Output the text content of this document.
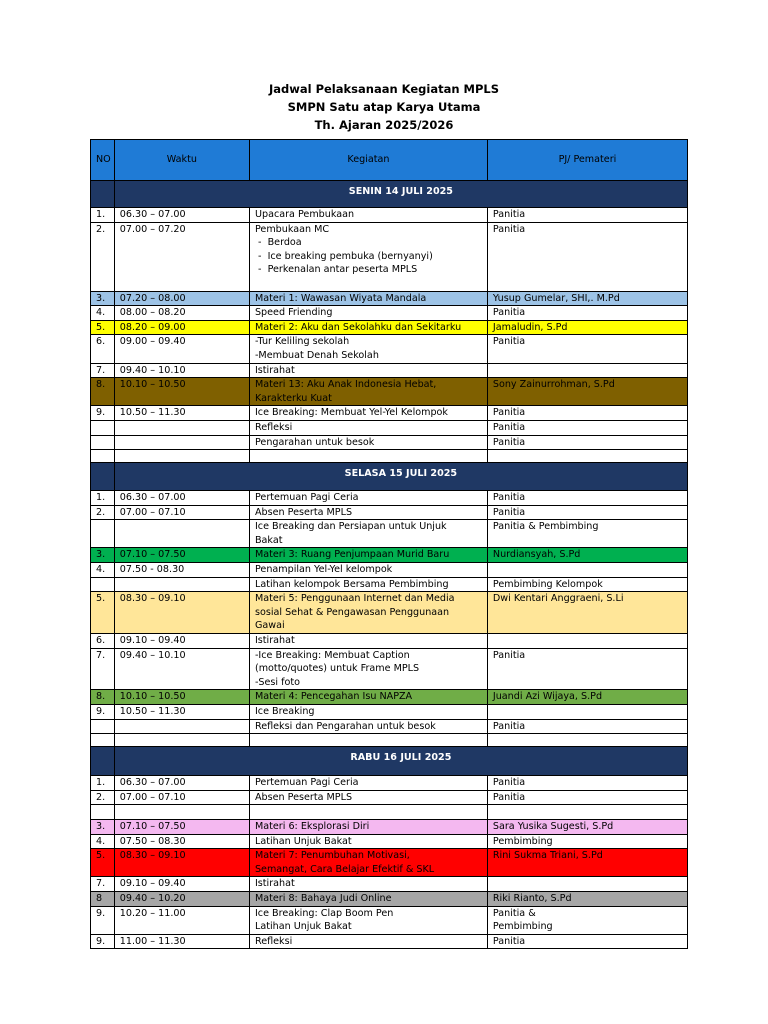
Jadwal Pelaksanaan Kegiatan MPLS
SMPN Satu atap Karya Utama
Th. Ajaran 2025/2026
NO	Waktu	Kegiatan	PJ/ Pemateri
	SENIN 14 JULI 2025		
1.	06.30 – 07.00	Upacara Pembukaan	Panitia
2.	07.00 – 07.20	Pembukaan MC
-  Berdoa
-  Ice breaking pembuka (bernyanyi)
-  Perkenalan antar peserta MPLS	Panitia
3.	07.20 – 08.00	Materi 1: Wawasan Wiyata Mandala	Yusup Gumelar, SHI,. M.Pd
4.	08.00 – 08.20	Speed Friending	Panitia
5.	08.20 – 09.00	Materi 2: Aku dan Sekolahku dan Sekitarku	Jamaludin, S.Pd
6.	09.00 – 09.40	-Tur Keliling sekolah
-Membuat Denah Sekolah	Panitia
7.	09.40 – 10.10	Istirahat	

8.	10.10 – 10.50	Materi 13: Aku Anak Indonesia Hebat,
Karakterku Kuat	Sony Zainurrohman, S.Pd
9.	10.50 – 11.30	Ice Breaking: Membuat Yel-Yel Kelompok	Panitia

		Refleksi	Panitia

		Pengarahan untuk besok	Panitia

	SELASA 15 JULI 2025		
1.	06.30 – 07.00	Pertemuan Pagi Ceria	Panitia
2.	07.00 – 07.10	Absen Peserta MPLS	Panitia

		Ice Breaking dan Persiapan untuk Unjuk
Bakat	Panitia & Pembimbing
3.	07.10 – 07.50	Materi 3: Ruang Penjumpaan Murid Baru	Nurdiansyah, S.Pd
4.	07.50 - 08.30	Penampilan Yel-Yel kelompok	

		Latihan kelompok Bersama Pembimbing	Pembimbing Kelompok
5.	08.30 – 09.10	Materi 5: Penggunaan Internet dan Media
sosial Sehat & Pengawasan Penggunaan
Gawai	Dwi Kentari Anggraeni, S.Li
6.	09.10 – 09.40	Istirahat	

7.	09.40 – 10.10	-Ice Breaking: Membuat Caption
(motto/quotes) untuk Frame MPLS
-Sesi foto	Panitia
8.	10.10 – 10.50	Materi 4: Pencegahan Isu NAPZA	Juandi Azi Wijaya, S.Pd
9.	10.50 – 11.30	Ice Breaking	

		Refleksi dan Pengarahan untuk besok	Panitia

	RABU 16 JULI 2025		
1.	06.30 – 07.00	Pertemuan Pagi Ceria	Panitia
2.	07.00 – 07.10	Absen Peserta MPLS	Panitia

3.	07.10 – 07.50	Materi 6: Eksplorasi Diri	Sara Yusika Sugesti, S.Pd
4.	07.50 – 08.30	Latihan Unjuk Bakat	Pembimbing
5.	08.30 – 09.10	Materi 7: Penumbuhan Motivasi,
Semangat, Cara Belajar Efektif & SKL	Rini Sukma Triani, S.Pd
7.	09.10 – 09.40	Istirahat	

8	09.40 – 10.20	Materi 8: Bahaya Judi Online	Riki Rianto, S.Pd
9.	10.20 – 11.00	Ice Breaking: Clap Boom Pen
Latihan Unjuk Bakat	Panitia &
Pembimbing
9.	11.00 – 11.30	Refleksi	Panitia
